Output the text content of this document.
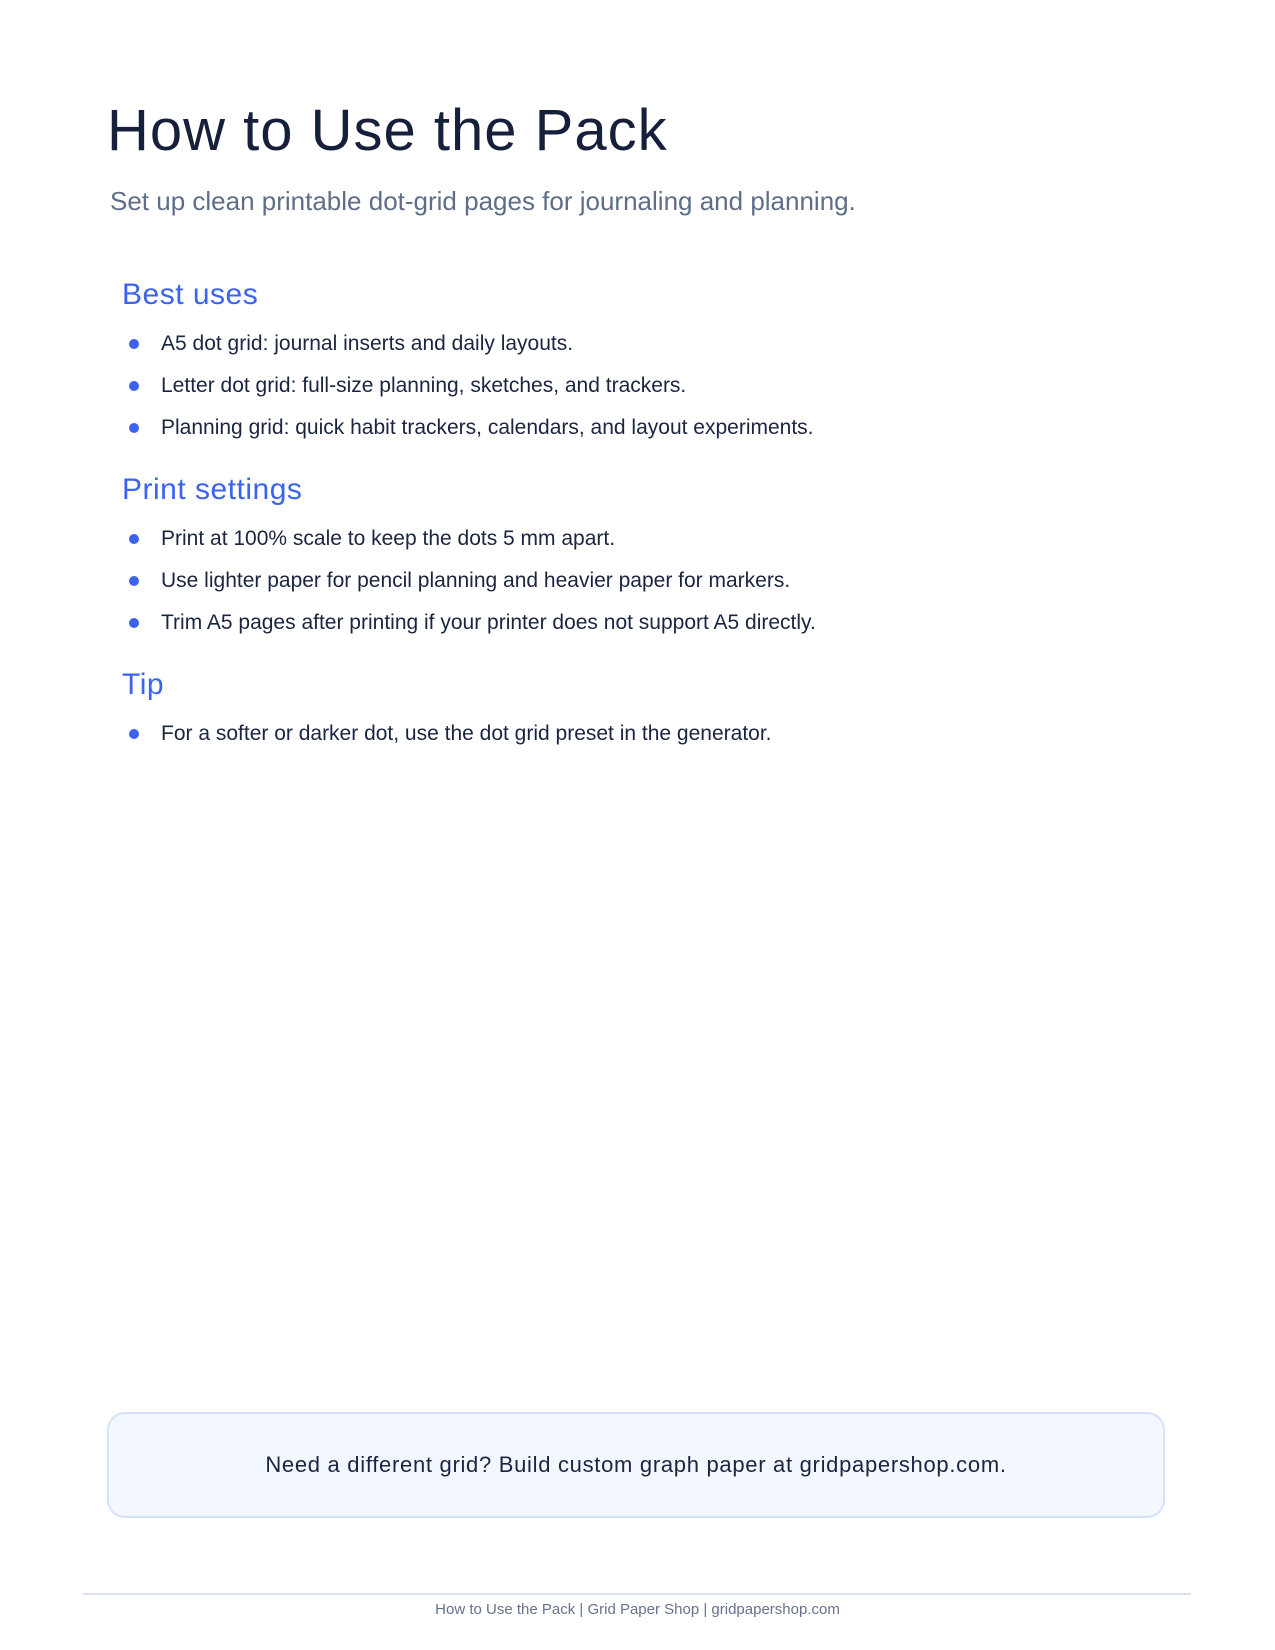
How to Use the Pack

Set up clean printable dot-grid pages for journaling and planning.

Best uses
A5 dot grid: journal inserts and daily layouts.
Letter dot grid: full-size planning, sketches, and trackers.
Planning grid: quick habit trackers, calendars, and layout experiments.
Print settings
Print at 100% scale to keep the dots 5 mm apart.
Use lighter paper for pencil planning and heavier paper for markers.
Trim A5 pages after printing if your printer does not support A5 directly.
Tip
For a softer or darker dot, use the dot grid preset in the generator.
Need a different grid? Build custom graph paper at gridpapershop.com.
How to Use the Pack | Grid Paper Shop | gridpapershop.com
